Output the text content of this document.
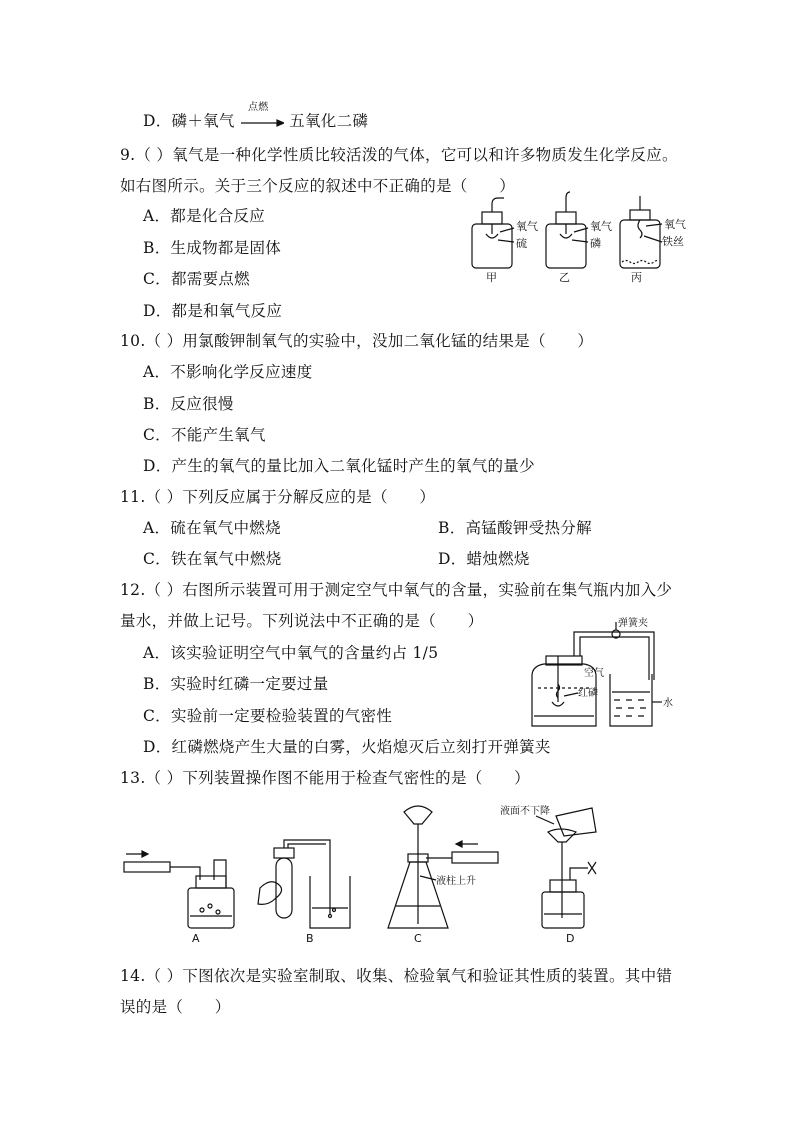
D．磷＋氧气
点燃
五氧化二磷
9.（ ）氧气是一种化学性质比较活泼的气体，它可以和许多物质发生化学反应。
如右图所示。关于三个反应的叙述中不正确的是（　　）
A．都是化合反应
B．生成物都是固体
C．都需要点燃
D．都是和氧气反应
氧气
硫
甲
氧气
磷
乙
氧气
铁丝
丙
10.（ ）用氯酸钾制氧气的实验中，没加二氧化锰的结果是（　　）
A．不影响化学反应速度
B．反应很慢
C．不能产生氧气
D．产生的氧气的量比加入二氧化锰时产生的氧气的量少
11.（ ）下列反应属于分解反应的是（　　）
A．硫在氧气中燃烧	B．高锰酸钾受热分解
C．铁在氧气中燃烧	D．蜡烛燃烧
12.（ ）右图所示装置可用于测定空气中氧气的含量，实验前在集气瓶内加入少
量水，并做上记号。下列说法中不正确的是（　　）
A．该实验证明空气中氧气的含量约占 1/5
B．实验时红磷一定要过量
C．实验前一定要检验装置的气密性
D．红磷燃烧产生大量的白雾，火焰熄灭后立刻打开弹簧夹
弹簧夹
空气
红磷
水
13.（ ）下列装置操作图不能用于检查气密性的是（　　）
A	B
液柱上升
C
液面不下降
D
14.（ ）下图依次是实验室制取、收集、检验氧气和验证其性质的装置。其中错
误的是（　　）
